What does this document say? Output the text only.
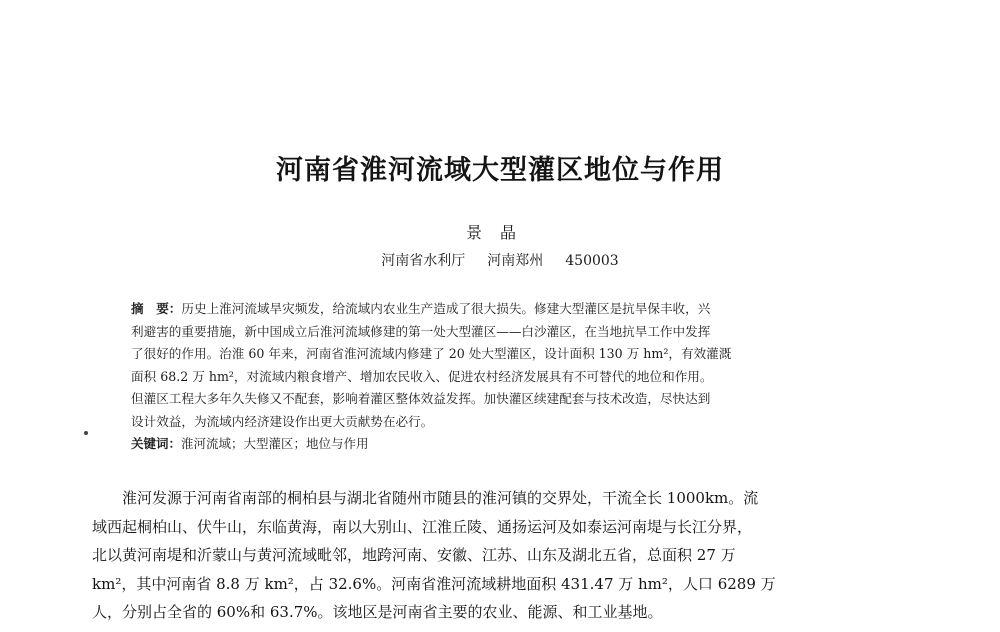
河南省淮河流域大型灌区地位与作用
景晶
河南省水利厅 河南郑州 450003
摘　要：历史上淮河流域旱灾频发，给流域内农业生产造成了很大损失。修建大型灌区是抗旱保丰收，兴
利避害的重要措施，新中国成立后淮河流域修建的第一处大型灌区——白沙灌区，在当地抗旱工作中发挥
了很好的作用。治淮 60 年来，河南省淮河流域内修建了 20 处大型灌区，设计面积 130 万 hm²，有效灌溉
面积 68.2 万 hm²，对流域内粮食增产、增加农民收入、促进农村经济发展具有不可替代的地位和作用。
但灌区工程大多年久失修又不配套，影响着灌区整体效益发挥。加快灌区续建配套与技术改造，尽快达到
设计效益，为流域内经济建设作出更大贡献势在必行。
关键词：淮河流域；大型灌区；地位与作用
淮河发源于河南省南部的桐柏县与湖北省随州市随县的淮河镇的交界处，干流全长 1000km。流
域西起桐柏山、伏牛山，东临黄海，南以大别山、江淮丘陵、通扬运河及如泰运河南堤与长江分界，
北以黄河南堤和沂蒙山与黄河流域毗邻，地跨河南、安徽、江苏、山东及湖北五省，总面积 27 万
km²，其中河南省 8.8 万 km²，占 32.6%。河南省淮河流域耕地面积 431.47 万 hm²，人口 6289 万
人，分别占全省的 60%和 63.7%。该地区是河南省主要的农业、能源、和工业基地。
